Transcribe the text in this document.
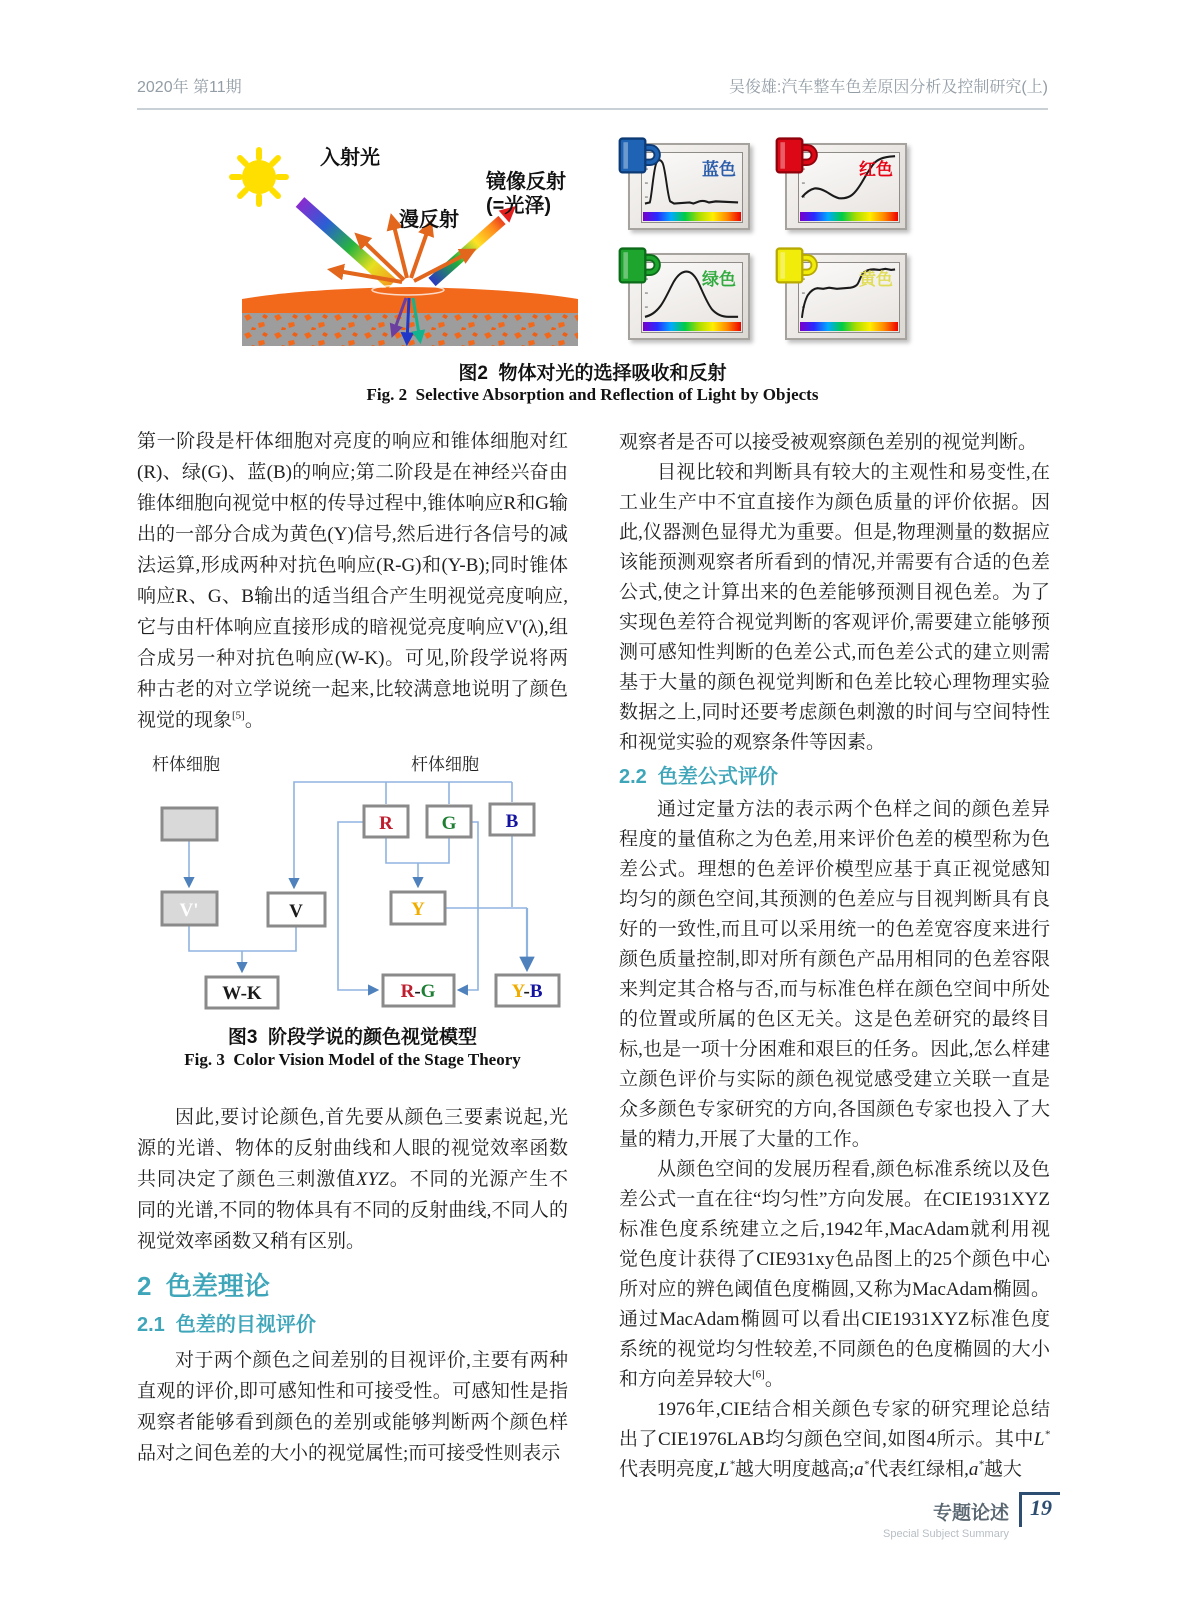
2020年 第11期	吴俊雄:汽车整车色差原因分析及控制研究(上)
入射光
漫反射
镜像反射
(=光泽)
蓝色	红色
绿色	黄色
图2  物体对光的选择吸收和反射
Fig. 2  Selective Absorption and Reflection of Light by Objects

第一阶段是杆体细胞对亮度的响应和锥体细胞对红(R)、绿(G)、蓝(B)的响应;第二阶段是在神经兴奋由锥体细胞向视觉中枢的传导过程中,锥体响应R和G输出的一部分合成为黄色(Y)信号,然后进行各信号的减法运算,形成两种对抗色响应(R-G)和(Y-B);同时锥体响应R、G、B输出的适当组合产生明视觉亮度响应,它与由杆体响应直接形成的暗视觉亮度响应V'(λ),组合成另一种对抗色响应(W-K)。可见,阶段学说将两种古老的对立学说统一起来,比较满意地说明了颜色视觉的现象[5]。

杆体细胞	杆体细胞
V'	V
R	G	B
Y
W-K	R-G	Y-B
图3  阶段学说的颜色视觉模型
Fig. 3  Color Vision Model of the Stage Theory

因此,要讨论颜色,首先要从颜色三要素说起,光源的光谱、物体的反射曲线和人眼的视觉效率函数共同决定了颜色三刺激值XYZ。不同的光源产生不同的光谱,不同的物体具有不同的反射曲线,不同人的视觉效率函数又稍有区别。

2  色差理论
2.1  色差的目视评价

对于两个颜色之间差别的目视评价,主要有两种直观的评价,即可感知性和可接受性。可感知性是指观察者能够看到颜色的差别或能够判断两个颜色样品对之间色差的大小的视觉属性;而可接受性则表示

观察者是否可以接受被观察颜色差别的视觉判断。

目视比较和判断具有较大的主观性和易变性,在工业生产中不宜直接作为颜色质量的评价依据。因此,仪器测色显得尤为重要。但是,物理测量的数据应该能预测观察者所看到的情况,并需要有合适的色差公式,使之计算出来的色差能够预测目视色差。为了实现色差符合视觉判断的客观评价,需要建立能够预测可感知性判断的色差公式,而色差公式的建立则需基于大量的颜色视觉判断和色差比较心理物理实验数据之上,同时还要考虑颜色刺激的时间与空间特性和视觉实验的观察条件等因素。

2.2  色差公式评价

通过定量方法的表示两个色样之间的颜色差异程度的量值称之为色差,用来评价色差的模型称为色差公式。理想的色差评价模型应基于真正视觉感知均匀的颜色空间,其预测的色差应与目视判断具有良好的一致性,而且可以采用统一的色差宽容度来进行颜色质量控制,即对所有颜色产品用相同的色差容限来判定其合格与否,而与标准色样在颜色空间中所处的位置或所属的色区无关。这是色差研究的最终目标,也是一项十分困难和艰巨的任务。因此,怎么样建立颜色评价与实际的颜色视觉感受建立关联一直是众多颜色专家研究的方向,各国颜色专家也投入了大量的精力,开展了大量的工作。

从颜色空间的发展历程看,颜色标准系统以及色差公式一直在往“均匀性”方向发展。在CIE1931XYZ标准色度系统建立之后,1942年,MacAdam就利用视觉色度计获得了CIE931xy色品图上的25个颜色中心所对应的辨色阈值色度椭圆,又称为MacAdam椭圆。通过MacAdam椭圆可以看出CIE1931XYZ标准色度系统的视觉均匀性较差,不同颜色的色度椭圆的大小和方向差异较大[6]。

1976年,CIE结合相关颜色专家的研究理论总结出了CIE1976LAB均匀颜色空间,如图4所示。其中L*代表明亮度,L*越大明度越高;a*代表红绿相,a*越大

专题论述
Special Subject Summary
19
